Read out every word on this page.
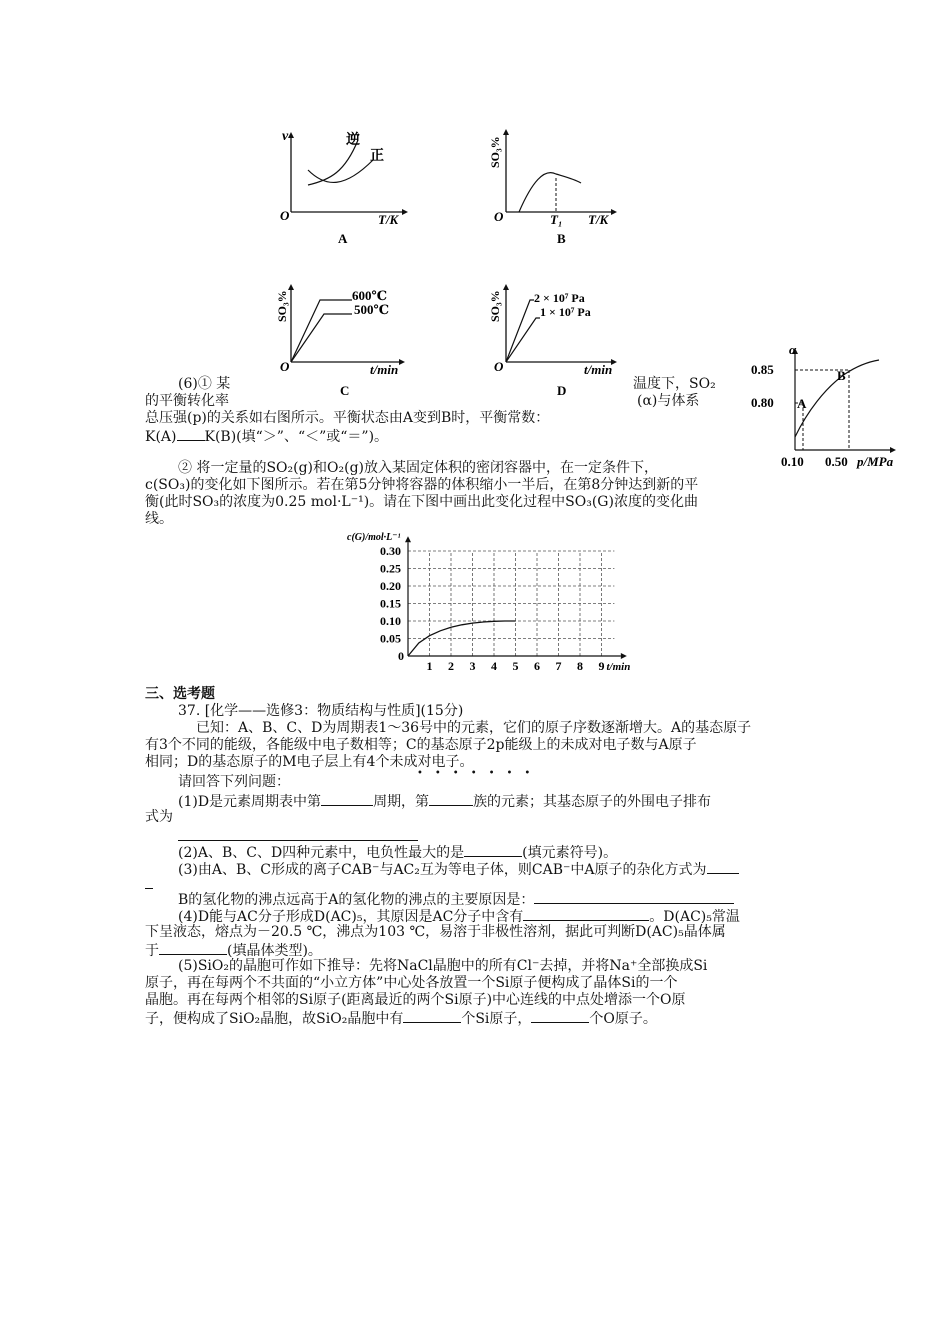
v	逆
正
O	T/K
A
SO₃%
O	T₁ T/K
B
SO₃%	600℃
500℃
O	t/min
C
SO₃%	2 × 10⁷ Pa
1 × 10⁷ Pa
O	t/min
D
α
0.85
0.80 A
B
0.10 0.50 p/MPa
(6)① 某	温度下，SO₂
的平衡转化率	(α)与体系
总压强(p)的关系如右图所示。平衡状态由A变到B时，平衡常数：
K(A) K(B)(填“＞”、“＜”或“＝”)。
② 将一定量的SO₂(g)和O₂(g)放入某固定体积的密闭容器中，在一定条件下，
c(SO₃)的变化如下图所示。若在第5分钟将容器的体积缩小一半后，在第8分钟达到新的平
衡(此时SO₃的浓度为0.25 mol·L⁻¹)。请在下图中画出此变化过程中SO₃(G)浓度的变化曲
线。
1 2 3 4 5 6 7 8 9
0.05
0.10
0.15
0.20
0.25
0.30
0
c(G)/mol·L⁻¹
t/min
三、选考题
37. [化学——选修3：物质结构与性质](15分)
已知：A、B、C、D为周期表1～36号中的元素，它们的原子序数逐渐增大。A的基态原子
有3个不同的能级，各能级中电子数相等；C的基态原子2p能级上的未成对电子数与A原子
相同；D的基态原子的M电子层上有4个未成对电子。
•••••••
请回答下列问题：
(1)D是元素周期表中第	周期，第	族的元素；其基态原子的外围电子排布
式为
(2)A、B、C、D四种元素中，电负性最大的是	(填元素符号)。
(3)由A、B、C形成的离子CAB⁻与AC₂互为等电子体，则CAB⁻中A原子的杂化方式为
B的氢化物的沸点远高于A的氢化物的沸点的主要原因是：
(4)D能与AC分子形成D(AC)₅，其原因是AC分子中含有	。D(AC)₅常温
下呈液态，熔点为－20.5 ℃，沸点为103 ℃，易溶于非极性溶剂，据此可判断D(AC)₅晶体属
于	(填晶体类型)。
(5)SiO₂的晶胞可作如下推导：先将NaCl晶胞中的所有Cl⁻去掉，并将Na⁺全部换成Si
原子，再在每两个不共面的“小立方体”中心处各放置一个Si原子便构成了晶体Si的一个
晶胞。再在每两个相邻的Si原子(距离最近的两个Si原子)中心连线的中点处增添一个O原
子，便构成了SiO₂晶胞，故SiO₂晶胞中有	个Si原子，	个O原子。
